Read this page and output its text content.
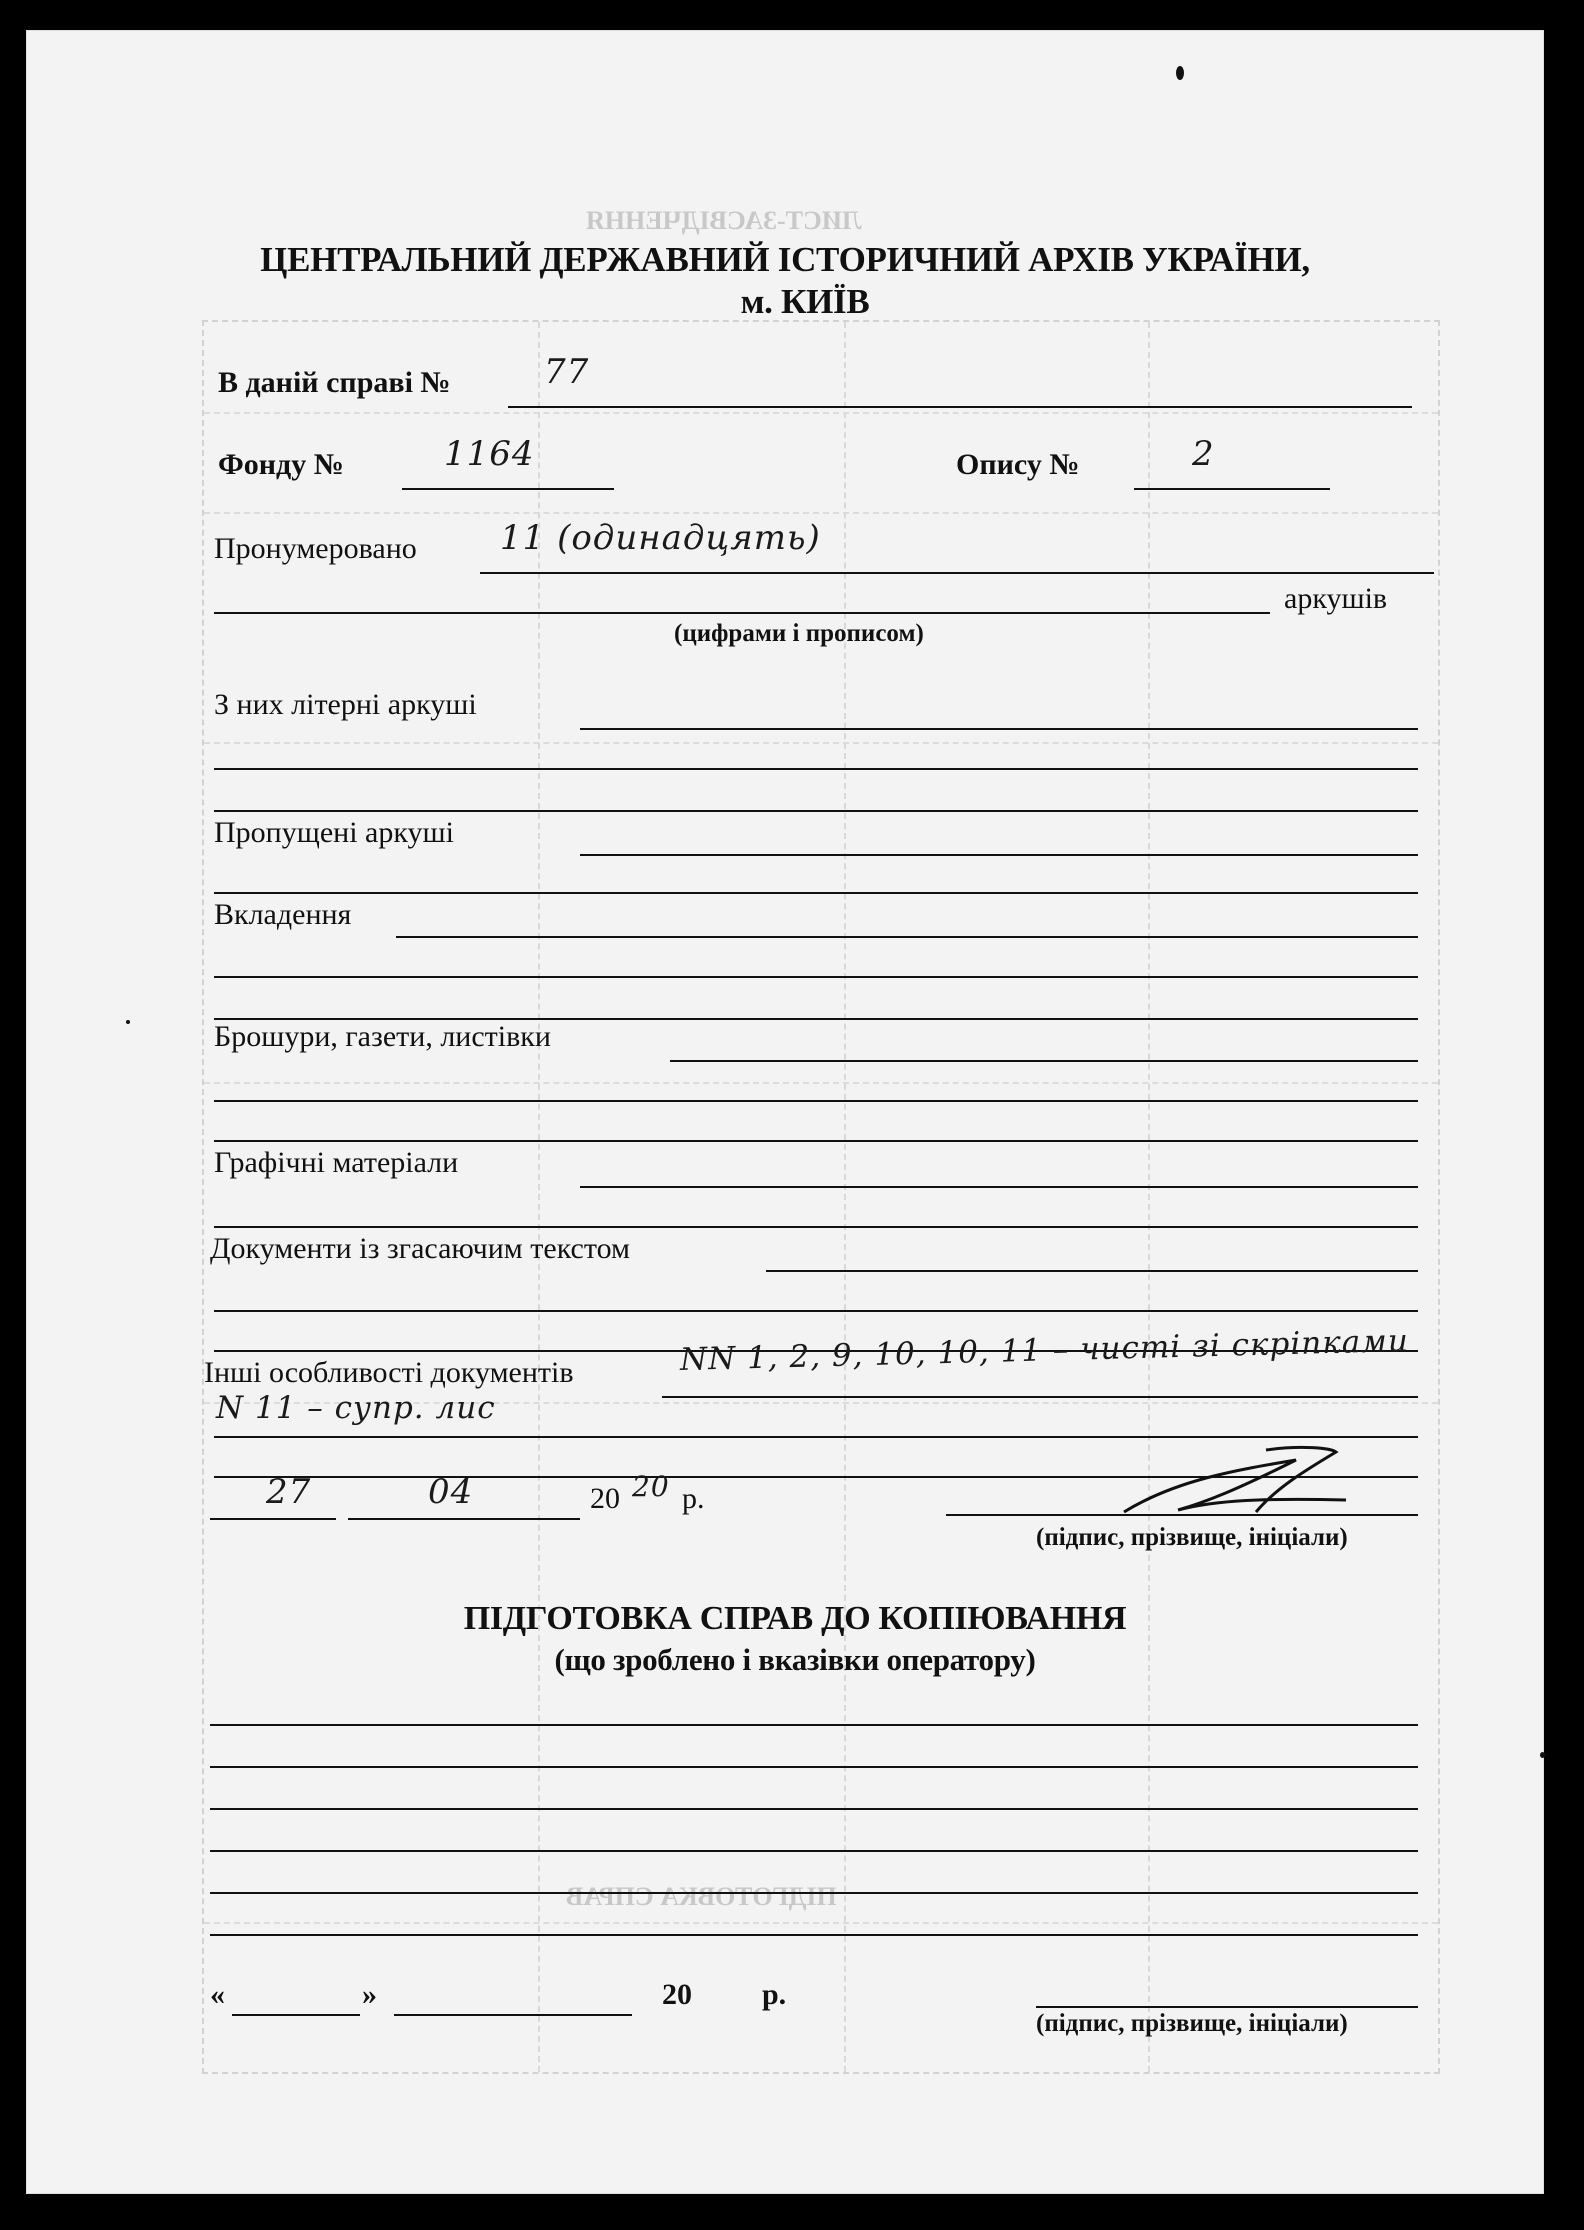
ЛИСТ-ЗАСВІДЧЕННЯ
ПІДГОТОВКА СПРАВ
ЦЕНТРАЛЬНИЙ ДЕРЖАВНИЙ ІСТОРИЧНИЙ АРХІВ УКРАЇНИ,
м. КИЇВ
В даній справі №	77
Фонду №	1164	Опису №	2
Пронумеровано 11 (одинадцять)
аркушів
(цифрами і прописом)
З них літерні аркуші
Пропущені аркуші
Вкладення
Брошури, газети, листівки
Графічні матеріали
Документи із згасаючим текстом
Інші особливості документів	NN 1, 2, 9, 10, 10, 11 – чисті зі скріпками
N 11 – супр. лис
27	04	20 20 р.
(підпис, прізвище, ініціали)
ПІДГОТОВКА СПРАВ ДО КОПІЮВАННЯ
(що зроблено і вказівки оператору)
«	»	20 р.
(підпис, прізвище, ініціали)
